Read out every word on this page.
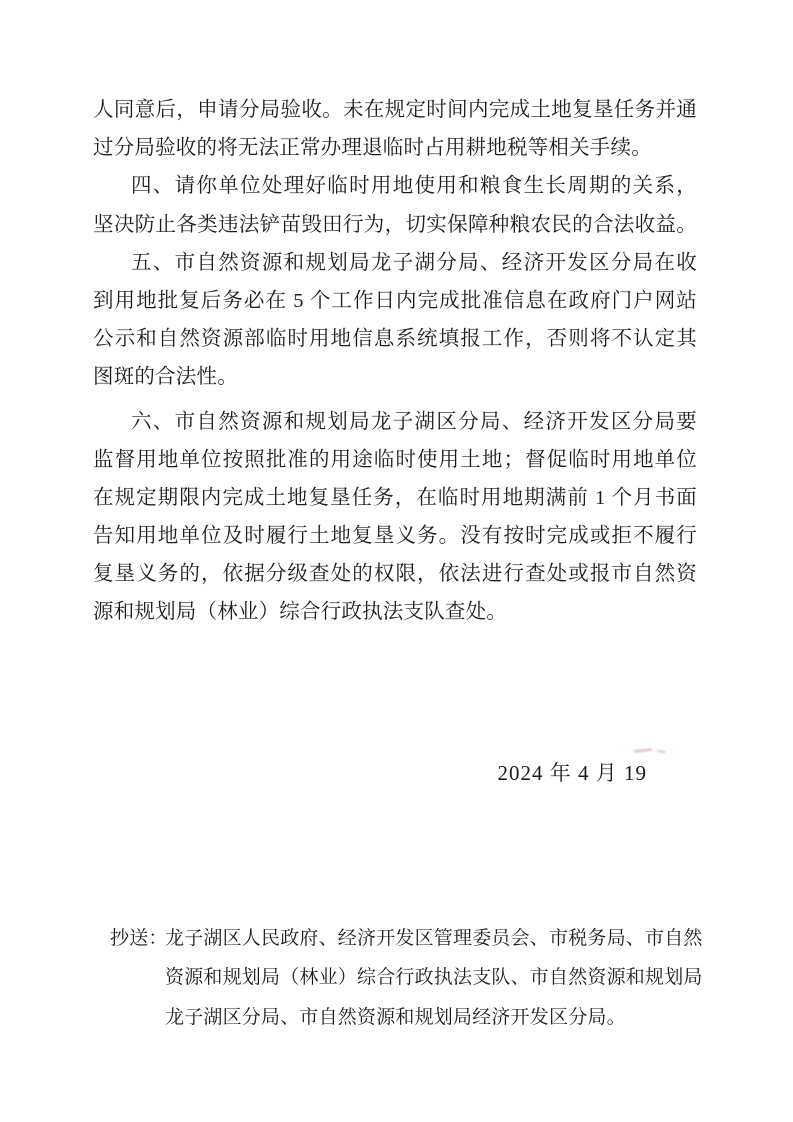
人同意后，申请分局验收。未在规定时间内完成土地复垦任务并通
过分局验收的将无法正常办理退临时占用耕地税等相关手续。
四、请你单位处理好临时用地使用和粮食生长周期的关系，
坚决防止各类违法铲苗毁田行为，切实保障种粮农民的合法收益。
五、市自然资源和规划局龙子湖分局、经济开发区分局在收
到用地批复后务必在 5 个工作日内完成批准信息在政府门户网站
公示和自然资源部临时用地信息系统填报工作，否则将不认定其
图斑的合法性。
六、市自然资源和规划局龙子湖区分局、经济开发区分局要
监督用地单位按照批准的用途临时使用土地；督促临时用地单位
在规定期限内完成土地复垦任务，在临时用地期满前 1 个月书面
告知用地单位及时履行土地复垦义务。没有按时完成或拒不履行
复垦义务的，依据分级查处的权限，依法进行查处或报市自然资
源和规划局（林业）综合行政执法支队查处。
2024 年 4 月 19
抄送：龙子湖区人民政府、经济开发区管理委员会、市税务局、市自然
资源和规划局（林业）综合行政执法支队、市自然资源和规划局
龙子湖区分局、市自然资源和规划局经济开发区分局。
